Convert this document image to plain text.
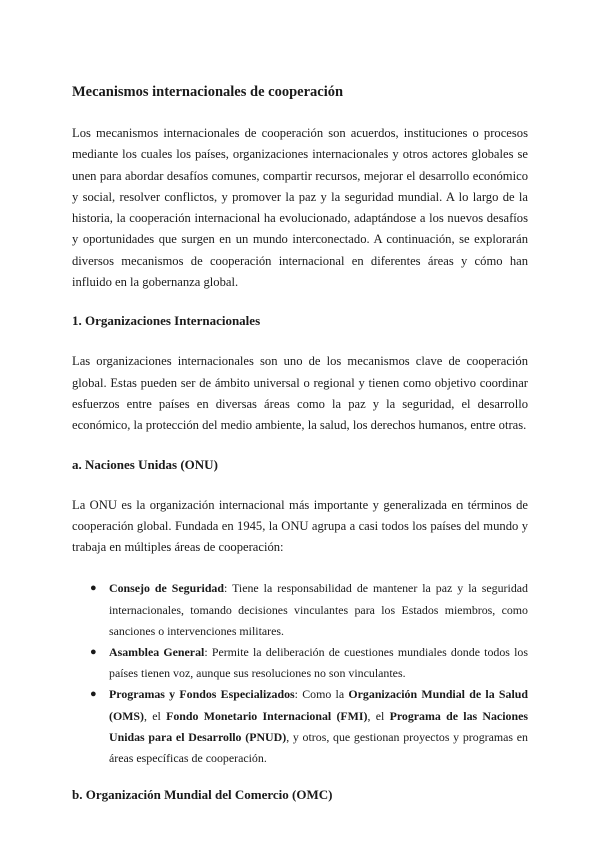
Mecanismos internacionales de cooperación

Los mecanismos internacionales de cooperación son acuerdos, instituciones o procesos mediante los cuales los países, organizaciones internacionales y otros actores globales se unen para abordar desafíos comunes, compartir recursos, mejorar el desarrollo económico y social, resolver conflictos, y promover la paz y la seguridad mundial. A lo largo de la historia, la cooperación internacional ha evolucionado, adaptándose a los nuevos desafíos y oportunidades que surgen en un mundo interconectado. A continuación, se explorarán diversos mecanismos de cooperación internacional en diferentes áreas y cómo han influido en la gobernanza global.

1. Organizaciones Internacionales

Las organizaciones internacionales son uno de los mecanismos clave de cooperación global. Estas pueden ser de ámbito universal o regional y tienen como objetivo coordinar esfuerzos entre países en diversas áreas como la paz y la seguridad, el desarrollo económico, la protección del medio ambiente, la salud, los derechos humanos, entre otras.

a. Naciones Unidas (ONU)

La ONU es la organización internacional más importante y generalizada en términos de cooperación global. Fundada en 1945, la ONU agrupa a casi todos los países del mundo y trabaja en múltiples áreas de cooperación:

● Consejo de Seguridad: Tiene la responsabilidad de mantener la paz y la seguridad internacionales, tomando decisiones vinculantes para los Estados miembros, como sanciones o intervenciones militares.
● Asamblea General: Permite la deliberación de cuestiones mundiales donde todos los países tienen voz, aunque sus resoluciones no son vinculantes.
● Programas y Fondos Especializados: Como la Organización Mundial de la Salud (OMS), el Fondo Monetario Internacional (FMI), el Programa de las Naciones Unidas para el Desarrollo (PNUD), y otros, que gestionan proyectos y programas en áreas específicas de cooperación.
b. Organización Mundial del Comercio (OMC)
